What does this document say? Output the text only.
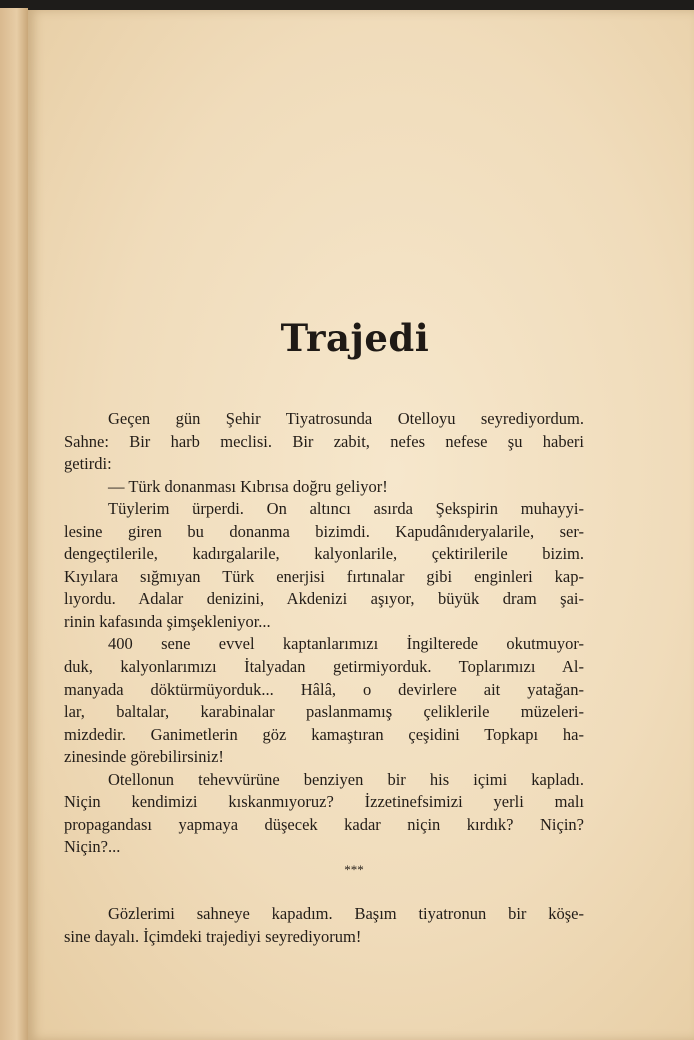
Trajedi
Geçen gün Şehir Tiyatrosunda Otelloyu seyrediyordum.
Sahne: Bir harb meclisi. Bir zabit, nefes nefese şu haberi
getirdi:
— Türk donanması Kıbrısa doğru geliyor!
Tüylerim ürperdi. On altıncı asırda Şekspirin muhayyi-
lesine giren bu donanma bizimdi. Kapudânıderyalarile, ser-
dengeçtilerile, kadırgalarile, kalyonlarile, çektirilerile bizim.
Kıyılara sığmıyan Türk enerjisi fırtınalar gibi enginleri kap-
lıyordu. Adalar denizini, Akdenizi aşıyor, büyük dram şai-
rinin kafasında şimşekleniyor...
400 sene evvel kaptanlarımızı İngilterede okutmuyor-
duk, kalyonlarımızı İtalyadan getirmiyorduk. Toplarımızı Al-
manyada döktürmüyorduk... Hâlâ, o devirlere ait yatağan-
lar, baltalar, karabinalar paslanmamış çeliklerile müzeleri-
mizdedir. Ganimetlerin göz kamaştıran çeşidini Topkapı ha-
zinesinde görebilirsiniz!
Otellonun tehevvürüne benziyen bir his içimi kapladı.
Niçin kendimizi kıskanmıyoruz? İzzetinefsimizi yerli malı
propagandası yapmaya düşecek kadar niçin kırdık? Niçin?
Niçin?...
***
Gözlerimi sahneye kapadım. Başım tiyatronun bir köşe-
sine dayalı. İçimdeki trajediyi seyrediyorum!
